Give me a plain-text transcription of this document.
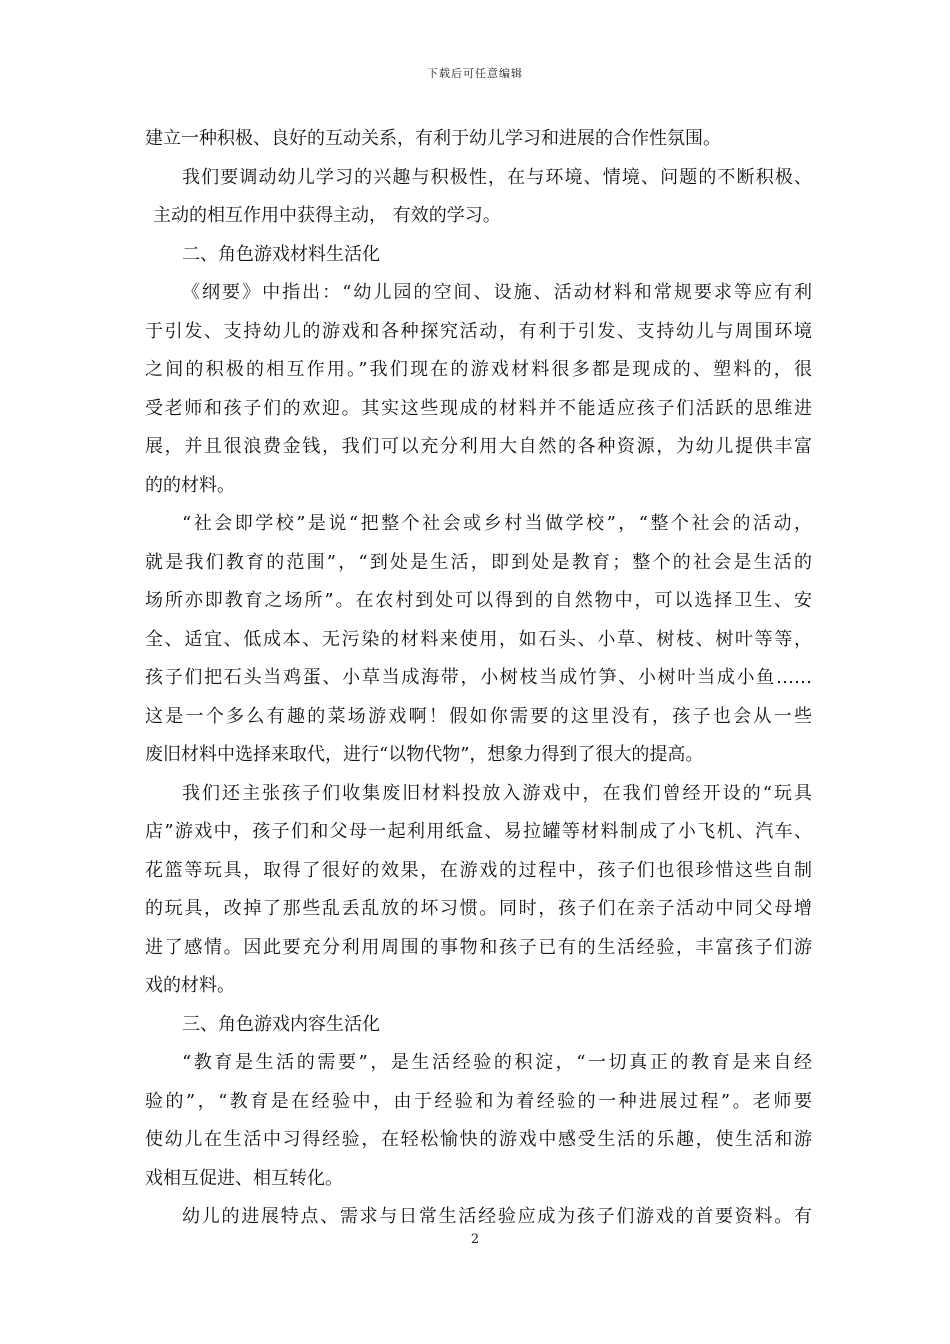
下载后可任意编辑
建立一种积极、良好的互动关系，有利于幼儿学习和进展的合作性氛围。
我们要调动幼儿学习的兴趣与积极性，在与环境、情境、问题的不断积极、
主动的相互作用中获得主动， 有效的学习。
二、角色游戏材料生活化
《纲要》中指出：“幼儿园的空间、设施、活动材料和常规要求等应有利
于引发、支持幼儿的游戏和各种探究活动，有利于引发、支持幼儿与周围环境
之间的积极的相互作用。”我们现在的游戏材料很多都是现成的、塑料的，很
受老师和孩子们的欢迎。其实这些现成的材料并不能适应孩子们活跃的思维进
展，并且很浪费金钱，我们可以充分利用大自然的各种资源，为幼儿提供丰富
的的材料。
“社会即学校”是说“把整个社会或乡村当做学校”，“整个社会的活动，
就是我们教育的范围”，“到处是生活，即到处是教育；整个的社会是生活的
场所亦即教育之场所”。在农村到处可以得到的自然物中，可以选择卫生、安
全、适宜、低成本、无污染的材料来使用，如石头、小草、树枝、树叶等等，
孩子们把石头当鸡蛋、小草当成海带，小树枝当成竹笋、小树叶当成小鱼……
这是一个多么有趣的菜场游戏啊！假如你需要的这里没有，孩子也会从一些
废旧材料中选择来取代，进行“以物代物”，想象力得到了很大的提高。
我们还主张孩子们收集废旧材料投放入游戏中，在我们曾经开设的“玩具
店”游戏中，孩子们和父母一起利用纸盒、易拉罐等材料制成了小飞机、汽车、
花篮等玩具，取得了很好的效果，在游戏的过程中，孩子们也很珍惜这些自制
的玩具，改掉了那些乱丢乱放的坏习惯。同时，孩子们在亲子活动中同父母增
进了感情。因此要充分利用周围的事物和孩子已有的生活经验，丰富孩子们游
戏的材料。
三、角色游戏内容生活化
“教育是生活的需要”，是生活经验的积淀，“一切真正的教育是来自经
验的”，“教育是在经验中，由于经验和为着经验的一种进展过程”。老师要
使幼儿在生活中习得经验，在轻松愉快的游戏中感受生活的乐趣，使生活和游
戏相互促进、相互转化。
幼儿的进展特点、需求与日常生活经验应成为孩子们游戏的首要资料。有
2
